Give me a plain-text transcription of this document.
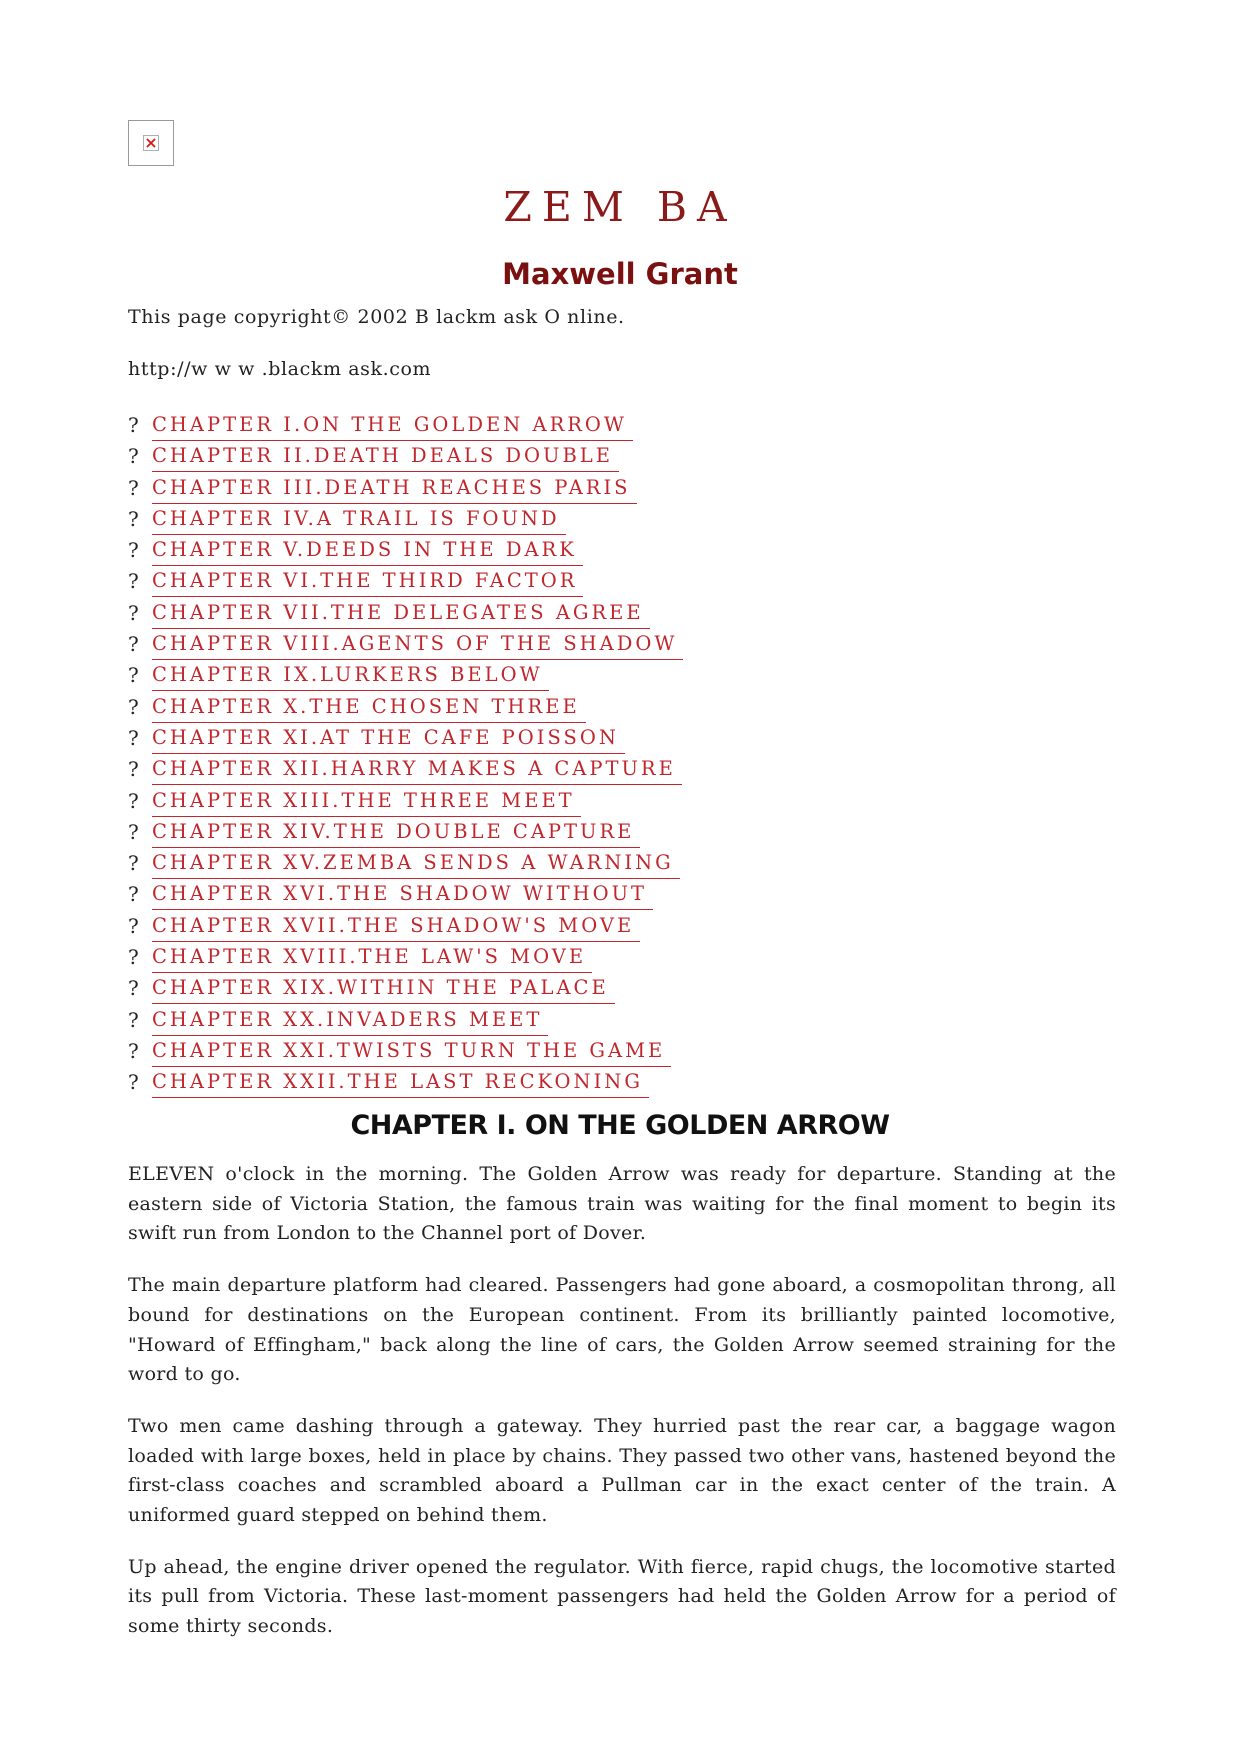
ZEM BA
Maxwell Grant

This page copyright© 2002 B lackm ask O nline.

http://w w w .blackm ask.com

? CHAPTER I.ON THE GOLDEN ARROW
? CHAPTER II.DEATH DEALS DOUBLE
? CHAPTER III.DEATH REACHES PARIS
? CHAPTER IV.A TRAIL IS FOUND
? CHAPTER V.DEEDS IN THE DARK
? CHAPTER VI.THE THIRD FACTOR
? CHAPTER VII.THE DELEGATES AGREE
? CHAPTER VIII.AGENTS OF THE SHADOW
? CHAPTER IX.LURKERS BELOW
? CHAPTER X.THE CHOSEN THREE
? CHAPTER XI.AT THE CAFE POISSON
? CHAPTER XII.HARRY MAKES A CAPTURE
? CHAPTER XIII.THE THREE MEET
? CHAPTER XIV.THE DOUBLE CAPTURE
? CHAPTER XV.ZEMBA SENDS A WARNING
? CHAPTER XVI.THE SHADOW WITHOUT
? CHAPTER XVII.THE SHADOW'S MOVE
? CHAPTER XVIII.THE LAW'S MOVE
? CHAPTER XIX.WITHIN THE PALACE
? CHAPTER XX.INVADERS MEET
? CHAPTER XXI.TWISTS TURN THE GAME
? CHAPTER XXII.THE LAST RECKONING
CHAPTER I. ON THE GOLDEN ARROW

ELEVEN o'clock in the morning. The Golden Arrow was ready for departure. Standing at the eastern side of Victoria Station, the famous train was waiting for the final moment to begin its swift run from London to the Channel port of Dover.

The main departure platform had cleared. Passengers had gone aboard, a cosmopolitan throng, all bound for destinations on the European continent. From its brilliantly painted locomotive, "Howard of Effingham," back along the line of cars, the Golden Arrow seemed straining for the word to go.

Two men came dashing through a gateway. They hurried past the rear car, a baggage wagon loaded with large boxes, held in place by chains. They passed two other vans, hastened beyond the first-class coaches and scrambled aboard a Pullman car in the exact center of the train. A uniformed guard stepped on behind them.

Up ahead, the engine driver opened the regulator. With fierce, rapid chugs, the locomotive started its pull from Victoria. These last-moment passengers had held the Golden Arrow for a period of some thirty seconds.
